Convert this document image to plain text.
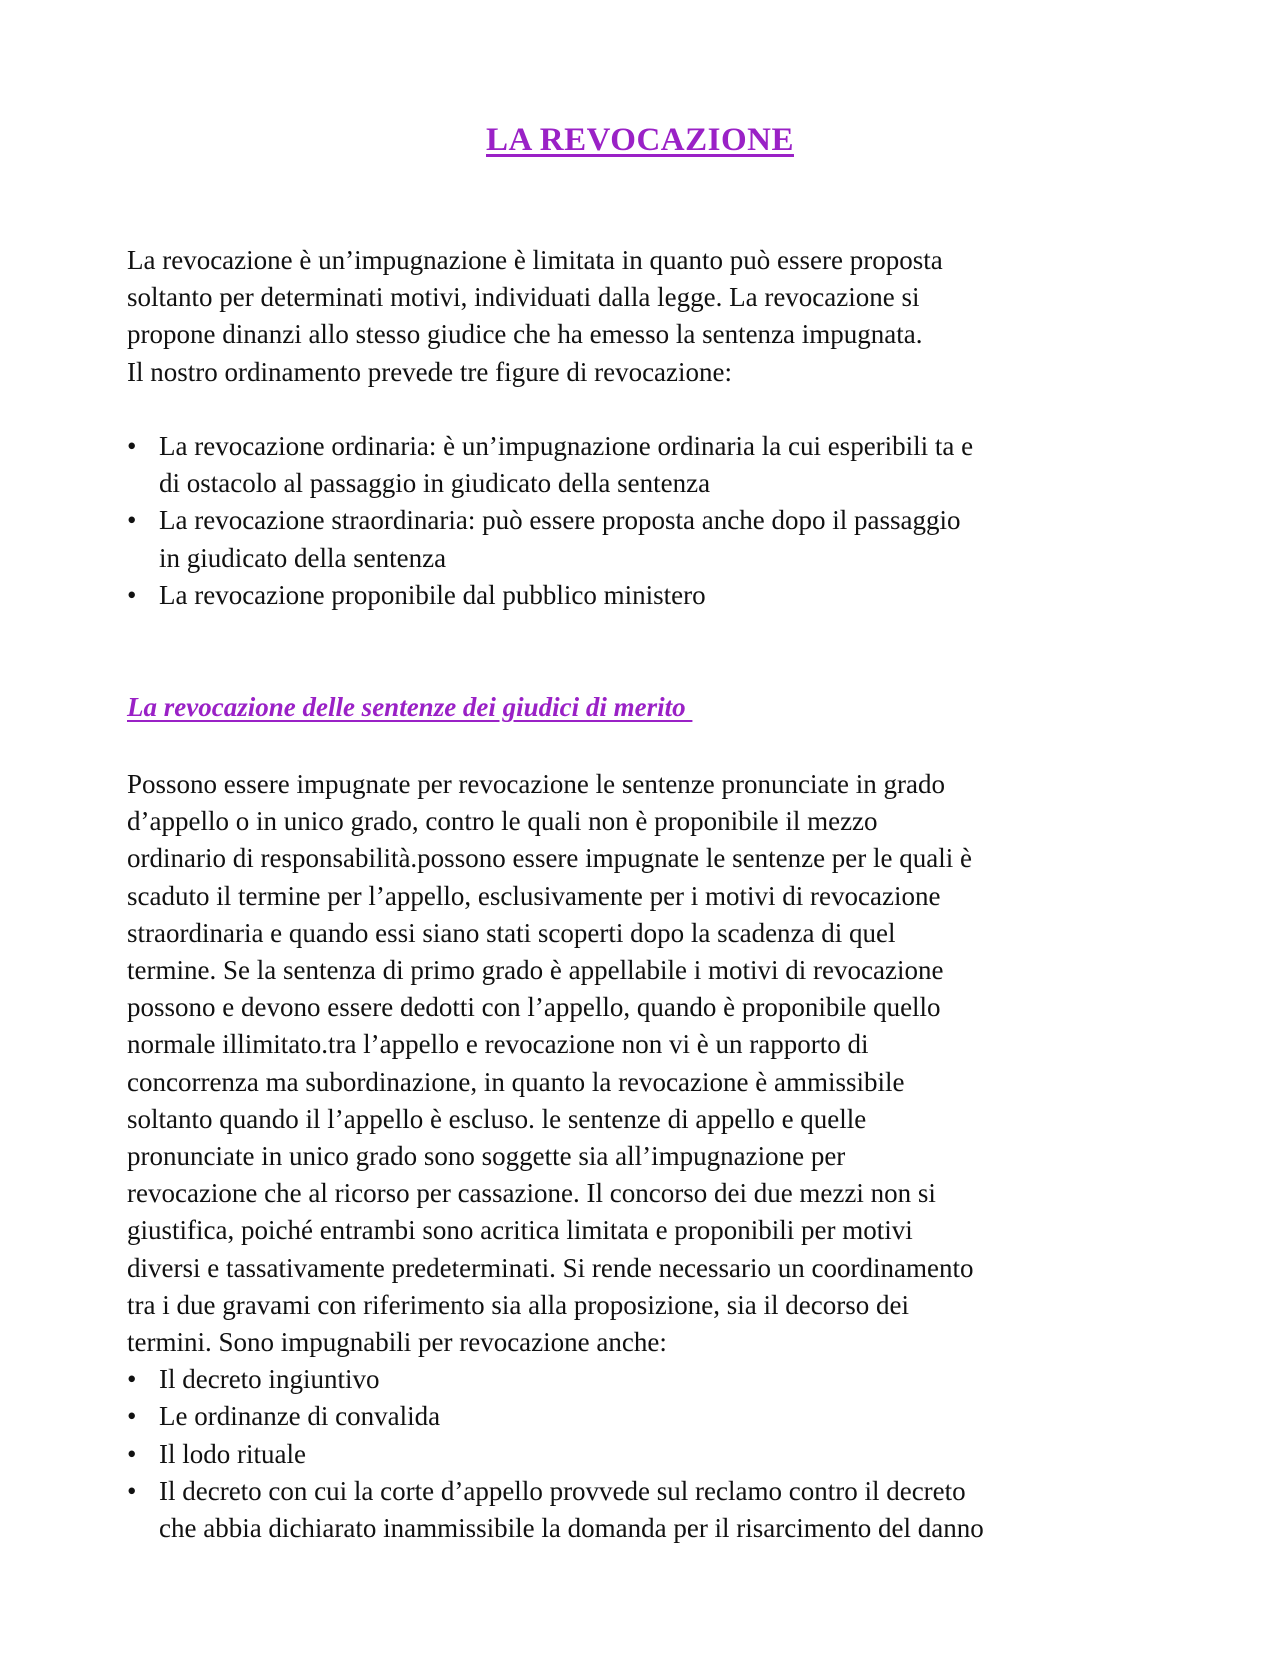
LA REVOCAZIONE

La revocazione è un’impugnazione è limitata in quanto può essere proposta

soltanto per determinati motivi, individuati dalla legge. La revocazione si

propone dinanzi allo stesso giudice che ha emesso la sentenza impugnata.

Il nostro ordinamento prevede tre figure di revocazione:

• La revocazione ordinaria: è un’impugnazione ordinaria la cui esperibili ta e

di ostacolo al passaggio in giudicato della sentenza

• La revocazione straordinaria: può essere proposta anche dopo il passaggio

in giudicato della sentenza

• La revocazione proponibile dal pubblico ministero

La revocazione delle sentenze dei giudici di merito

Possono essere impugnate per revocazione le sentenze pronunciate in grado

d’appello o in unico grado, contro le quali non è proponibile il mezzo

ordinario di responsabilità.possono essere impugnate le sentenze per le quali è

scaduto il termine per l’appello, esclusivamente per i motivi di revocazione

straordinaria e quando essi siano stati scoperti dopo la scadenza di quel

termine. Se la sentenza di primo grado è appellabile i motivi di revocazione

possono e devono essere dedotti con l’appello, quando è proponibile quello

normale illimitato.tra l’appello e revocazione non vi è un rapporto di

concorrenza ma subordinazione, in quanto la revocazione è ammissibile

soltanto quando il l’appello è escluso. le sentenze di appello e quelle

pronunciate in unico grado sono soggette sia all’impugnazione per

revocazione che al ricorso per cassazione. Il concorso dei due mezzi non si

giustifica, poiché entrambi sono acritica limitata e proponibili per motivi

diversi e tassativamente predeterminati. Si rende necessario un coordinamento

tra i due gravami con riferimento sia alla proposizione, sia il decorso dei

termini. Sono impugnabili per revocazione anche:

• Il decreto ingiuntivo

• Le ordinanze di convalida

• Il lodo rituale

• Il decreto con cui la corte d’appello provvede sul reclamo contro il decreto

che abbia dichiarato inammissibile la domanda per il risarcimento del danno
